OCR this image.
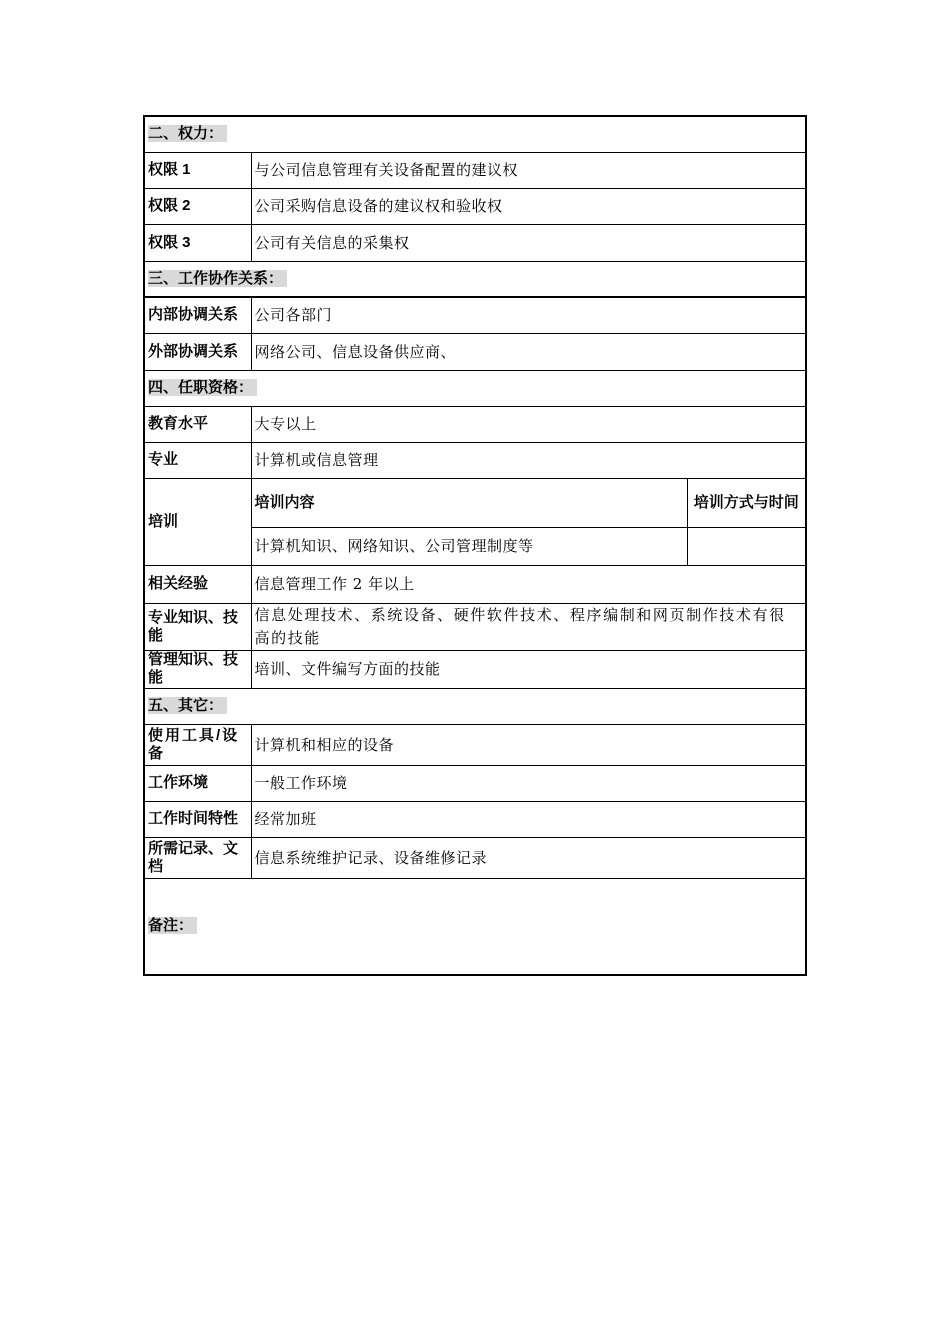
二、权力：		
权限 1	与公司信息管理有关设备配置的建议权	
权限 2	公司采购信息设备的建议权和验收权	
权限 3	公司有关信息的采集权	
三、工作协作关系：		
内部协调关系	公司各部门	
外部协调关系	网络公司、信息设备供应商、	
四、任职资格：		
教育水平	大专以上	
专业	计算机或信息管理	
培训	培训内容	培训方式与时间
	计算机知识、网络知识、公司管理制度等	
相关经验	信息管理工作 2 年以上	
专业知识、技能	信息处理技术、系统设备、硬件软件技术、程序编制和网页制作技术有很高的技能	
管理知识、技能	培训、文件编写方面的技能	
五、其它：		
使用工具/设备	计算机和相应的设备	
工作环境	一般工作环境	
工作时间特性	经常加班	
所需记录、文档	信息系统维护记录、设备维修记录	
备注：		
